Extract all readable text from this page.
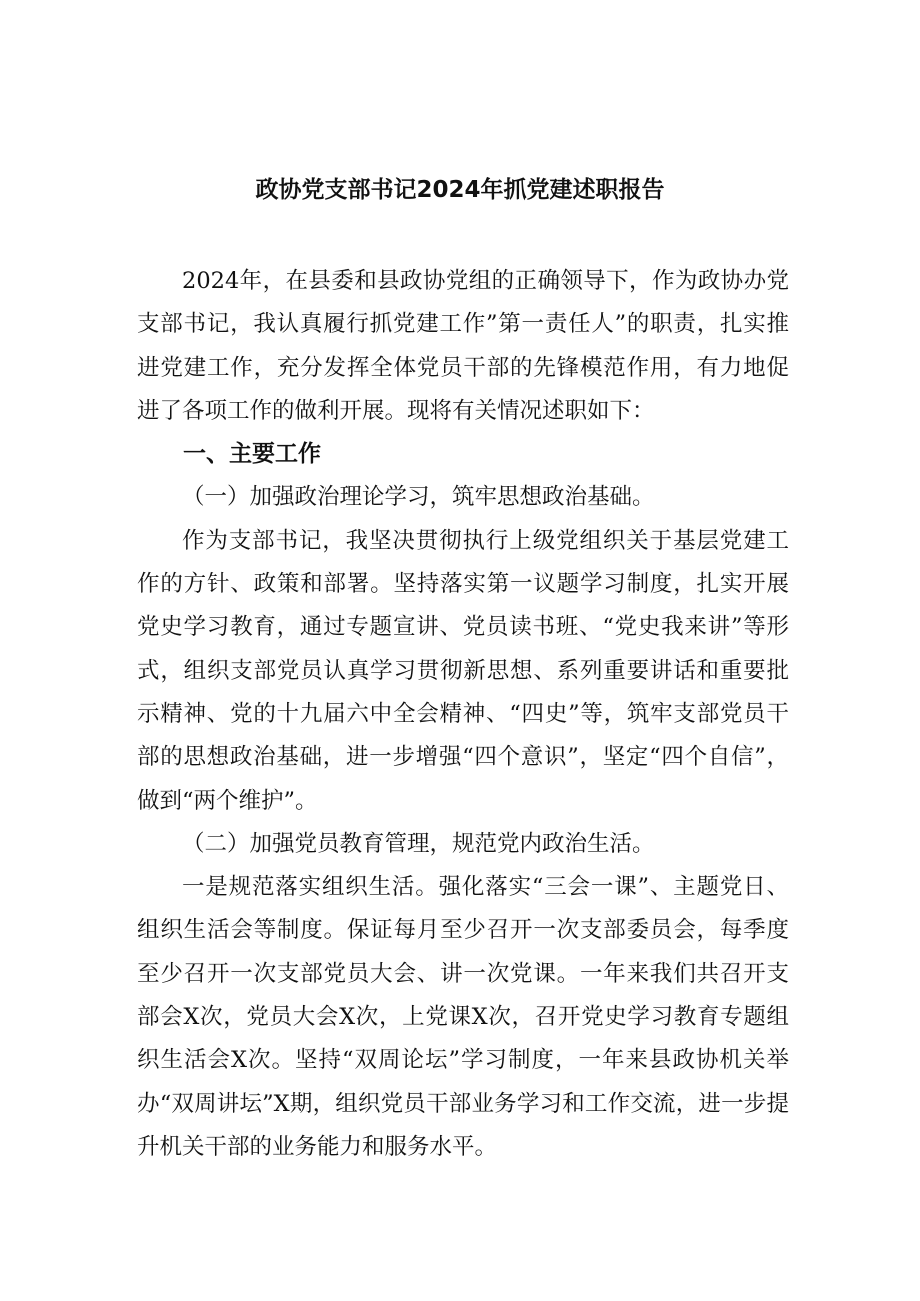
政协党支部书记2024年抓党建述职报告

2024年，在县委和县政协党组的正确领导下，作为政协办党支部书记，我认真履行抓党建工作”第一责任人”的职责，扎实推进党建工作，充分发挥全体党员干部的先锋模范作用，有力地促进了各项工作的做利开展。现将有关情况述职如下：

一、主要工作

（一）加强政治理论学习，筑牢思想政治基础。

作为支部书记，我坚决贯彻执行上级党组织关于基层党建工作的方针、政策和部署。坚持落实第一议题学习制度，扎实开展党史学习教育，通过专题宣讲、党员读书班、“党史我来讲”等形式，组织支部党员认真学习贯彻新思想、系列重要讲话和重要批示精神、党的十九届六中全会精神、“四史”等，筑牢支部党员干部的思想政治基础，进一步增强“四个意识”，坚定“四个自信”，做到“两个维护”。

（二）加强党员教育管理，规范党内政治生活。

一是规范落实组织生活。强化落实“三会一课”、主题党日、组织生活会等制度。保证每月至少召开一次支部委员会，每季度至少召开一次支部党员大会、讲一次党课。一年来我们共召开支部会X次，党员大会X次，上党课X次，召开党史学习教育专题组织生活会X次。坚持“双周论坛”学习制度，一年来县政协机关举办“双周讲坛”X期，组织党员干部业务学习和工作交流，进一步提升机关干部的业务能力和服务水平。
